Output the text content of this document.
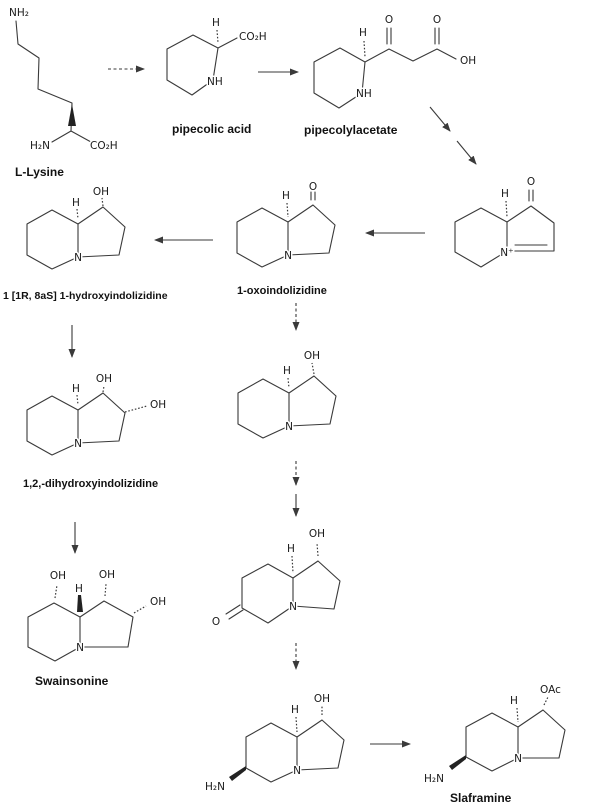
NH₂
H₂N	CO₂H
L-Lysine
H
CO₂H
NH
pipecolic acid
H
NH
O	O
OH
pipecolylacetate
O
H
N⁺
O
H
N
1-oxoindolizidine
OH
H
N
1 [1R, 8aS] 1-hydroxyindolizidine
OH
H
N
OH
OH
H
N
1,2,-dihydroxyindolizidine
OH	OH
OH
H
N
Swainsonine
OH
H
O
N
OH
H
H₂N
N
OAc
H
H₂N
N
Slaframine
